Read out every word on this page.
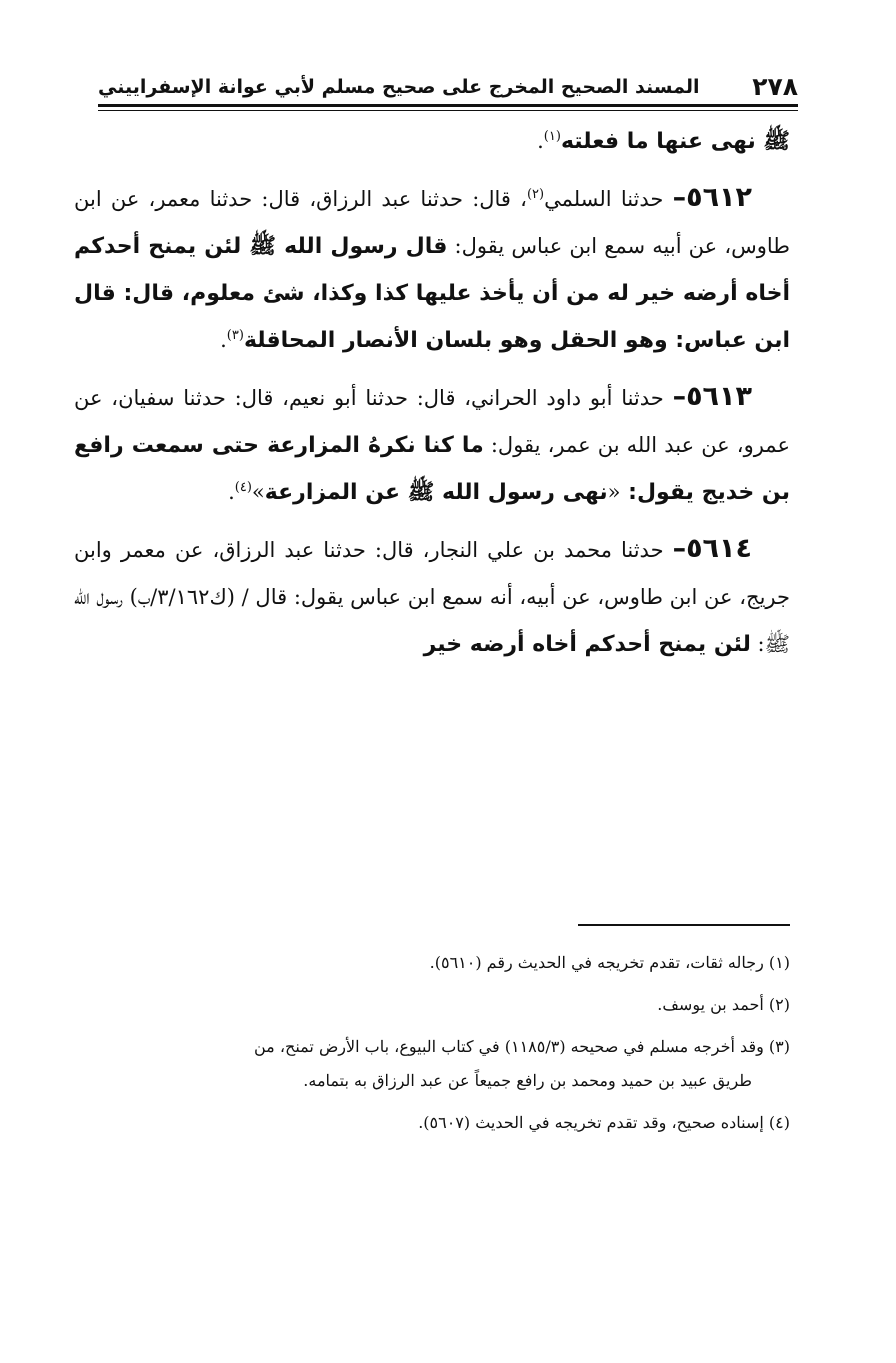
٢٧٨
المسند الصحيح المخرج على صحيح مسلم لأبي عوانة الإسفراييني

ﷺ نهى عنها ما فعلته$^{(١)}$.

٥٦١٢– حدثنا السلمي$^{(٢)}$، قال: حدثنا عبد الرزاق، قال: حدثنا معمر، عن ابن طاوس، عن أبيه سمع ابن عباس يقول: قال رسول الله ﷺ لئن يمنح أحدكم أخاه أرضه خير له من أن يأخذ عليها كذا وكذا، شئ معلوم، قال: قال ابن عباس: وهو الحقل وهو بلسان الأنصار المحاقلة$^{(٣)}$.

٥٦١٣– حدثنا أبو داود الحراني، قال: حدثنا أبو نعيم، قال: حدثنا سفيان، عن عمرو، عن عبد الله بن عمر، يقول: ما كنا نكرهُ المزارعة حتى سمعت رافع بن خديج يقول: «نهى رسول الله ﷺ عن المزارعة»$^{(٤)}$.

٥٦١٤– حدثنا محمد بن علي النجار، قال: حدثنا عبد الرزاق، عن معمر وابن جريج، عن ابن طاوس، عن أبيه، أنه سمع ابن عباس يقول: قال / (ك٣/١٦٢/ب) رسول الله ﷺ: لئن يمنح أحدكم أخاه أرضه خير

(١) رجاله ثقات، تقدم تخريجه في الحديث رقم (٥٦١٠).

(٢) أحمد بن يوسف.

(٣) وقد أخرجه مسلم في صحيحه (١١٨٥/٣) في كتاب البيوع، باب الأرض تمنح، من

طريق عبيد بن حميد ومحمد بن رافع جميعاً عن عبد الرزاق به بتمامه.

(٤) إسناده صحيح، وقد تقدم تخريجه في الحديث (٥٦٠٧).
